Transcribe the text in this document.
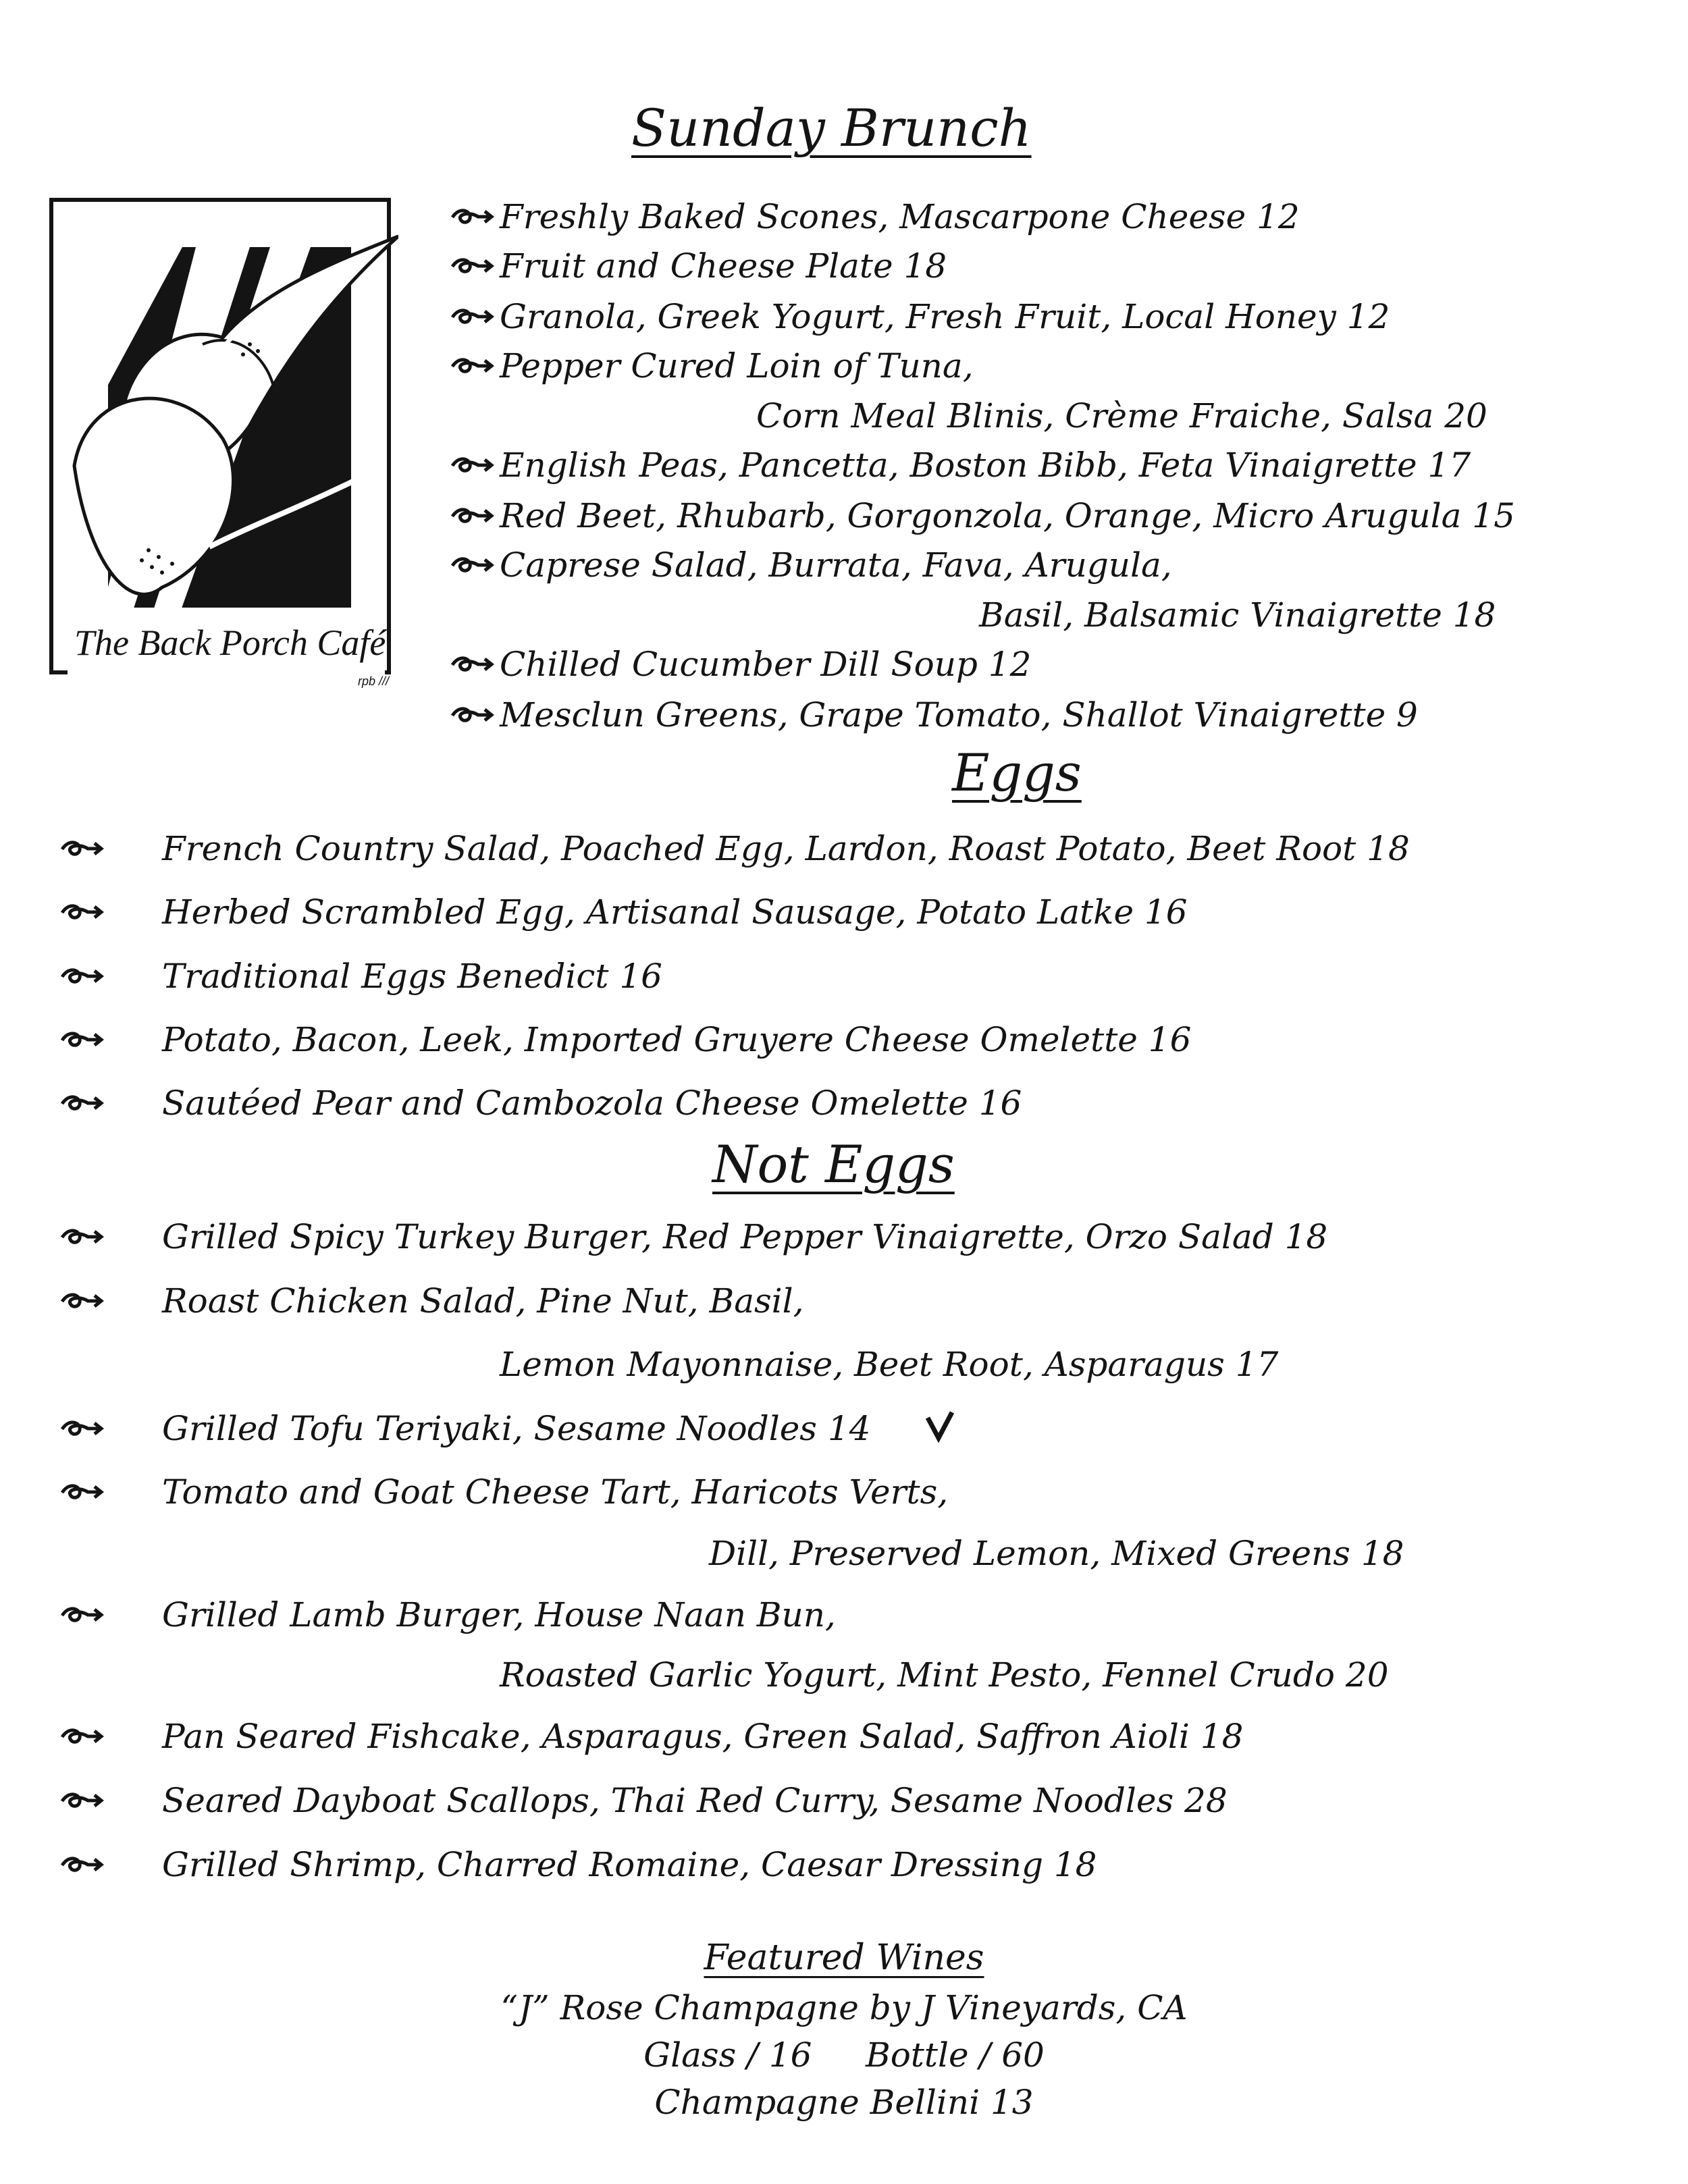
The Back Porch Café
rpb ///
Sunday Brunch
Freshly Baked Scones, Mascarpone Cheese 12
Fruit and Cheese Plate 18
Granola, Greek Yogurt, Fresh Fruit, Local Honey 12
Pepper Cured Loin of Tuna,
Corn Meal Blinis, Crème Fraiche, Salsa 20
English Peas, Pancetta, Boston Bibb, Feta Vinaigrette 17
Red Beet, Rhubarb, Gorgonzola, Orange, Micro Arugula 15
Caprese Salad, Burrata, Fava, Arugula,
Basil, Balsamic Vinaigrette 18
Chilled Cucumber Dill Soup 12
Mesclun Greens, Grape Tomato, Shallot Vinaigrette 9
Eggs
French Country Salad, Poached Egg, Lardon, Roast Potato, Beet Root 18
Herbed Scrambled Egg, Artisanal Sausage, Potato Latke 16
Traditional Eggs Benedict 16
Potato, Bacon, Leek, Imported Gruyere Cheese Omelette 16
Sautéed Pear and Cambozola Cheese Omelette 16
Not Eggs
Grilled Spicy Turkey Burger, Red Pepper Vinaigrette, Orzo Salad 18
Roast Chicken Salad, Pine Nut, Basil,
Lemon Mayonnaise, Beet Root, Asparagus 17
Grilled Tofu Teriyaki, Sesame Noodles 14
Tomato and Goat Cheese Tart, Haricots Verts,
Dill, Preserved Lemon, Mixed Greens 18
Grilled Lamb Burger, House Naan Bun,
Roasted Garlic Yogurt, Mint Pesto, Fennel Crudo 20
Pan Seared Fishcake, Asparagus, Green Salad, Saffron Aioli 18
Seared Dayboat Scallops, Thai Red Curry, Sesame Noodles 28
Grilled Shrimp, Charred Romaine, Caesar Dressing 18
Featured Wines
“J” Rose Champagne by J Vineyards, CA
Glass / 16     Bottle / 60
Champagne Bellini 13
